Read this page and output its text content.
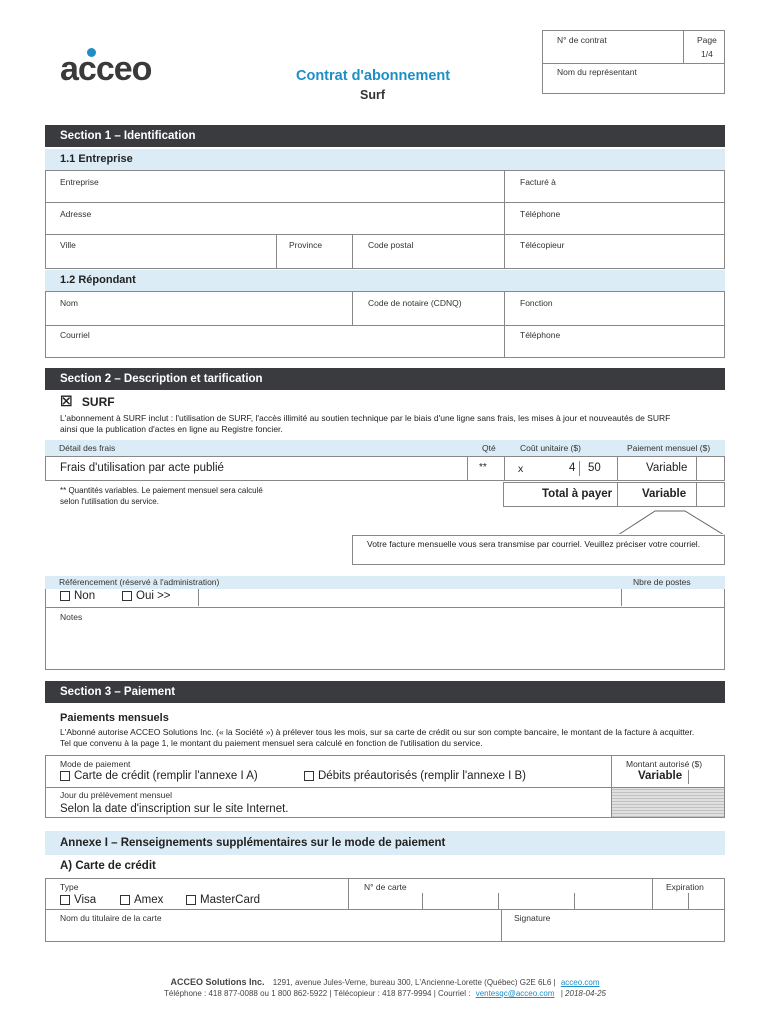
acceo	Contrat d'abonnement
Surf
N° de contrat	Page
1/4
Nom du représentant
Section 1 – Identification
1.1 Entreprise
Entreprise	Facturé à
Adresse	Téléphone
Ville	Province	Code postal	Télécopieur
1.2 Répondant
Nom	Code de notaire (CDNQ)	Fonction
Courriel	Téléphone
Section 2 – Description et tarification
☒ SURF
L'abonnement à SURF inclut : l'utilisation de SURF, l'accès illimité au soutien technique par le biais d'une ligne sans frais, les mises à jour et nouveautés de SURF
ainsi que la publication d'actes en ligne au Registre foncier.
Détail des frais	Qté	Coût unitaire ($)	Paiement mensuel ($)
Frais d'utilisation par acte publié	**	x	4 50	Variable
** Quantités variables. Le paiement mensuel sera calculé
selon l'utilisation du service.
Total à payer	Variable
Votre facture mensuelle vous sera transmise par courriel. Veuillez préciser votre courriel.
Référencement (réservé à l'administration)	Nbre de postes
Non	Oui >>
Notes
Section 3 – Paiement
Paiements mensuels
L'Abonné autorise ACCEO Solutions Inc. (« la Société ») à prélever tous les mois, sur sa carte de crédit ou sur son compte bancaire, le montant de la facture à acquitter.
Tel que convenu à la page 1, le montant du paiement mensuel sera calculé en fonction de l'utilisation du service.
Mode de paiement	Montant autorisé ($)
Carte de crédit (remplir l'annexe I A)	Débits préautorisés (remplir l'annexe I B)	Variable
Jour du prélèvement mensuel
Selon la date d'inscription sur le site Internet.
Annexe I – Renseignements supplémentaires sur le mode de paiement
A) Carte de crédit
Type	N° de carte	Expiration
Visa	Amex	MasterCard
Nom du titulaire de la carte	Signature
ACCEO Solutions Inc. 1291, avenue Jules-Verne, bureau 300, L'Ancienne-Lorette (Québec) G2E 6L6 | acceo.com
Téléphone : 418 877-0088 ou 1 800 862-5922 | Télécopieur : 418 877-9994 | Courriel : ventesqc@acceo.com | 2018-04-25
